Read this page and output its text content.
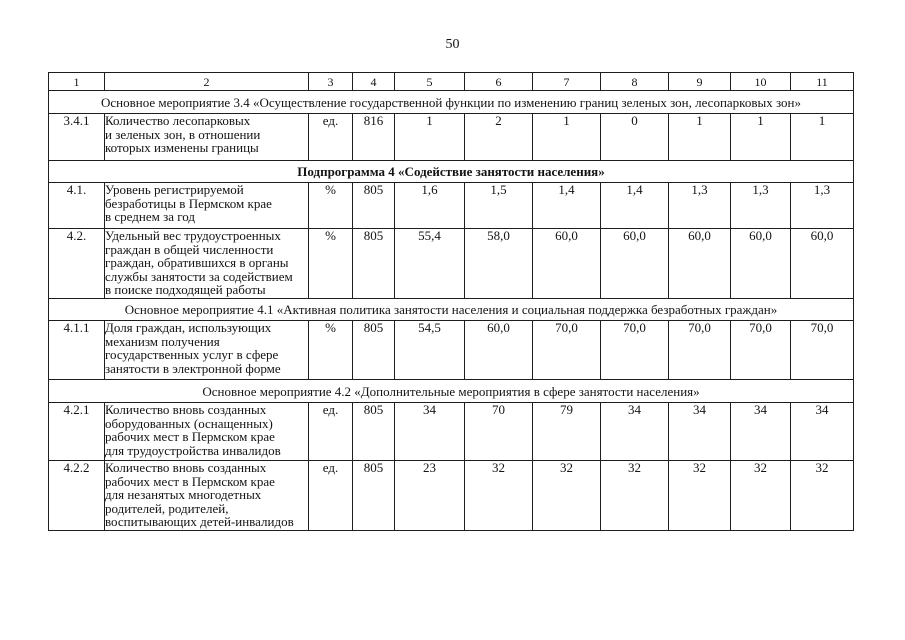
50
1	2	3	4	5	6	7	8	9	10	11
Основное мероприятие 3.4 «Осуществление государственной функции по изменению границ зеленых зон, лесопарковых зон»										
3.4.1	Количество лесопарковых
и зеленых зон, в отношении
которых изменены границы	ед.	816	1	2	1	0	1	1	1
Подпрограмма 4 «Содействие занятости населения»										
4.1.	Уровень регистрируемой
безработицы в Пермском крае
в среднем за год	%	805	1,6	1,5	1,4	1,4	1,3	1,3	1,3
4.2.	Удельный вес трудоустроенных
граждан в общей численности
граждан, обратившихся в органы
службы занятости за содействием
в поиске подходящей работы	%	805	55,4	58,0	60,0	60,0	60,0	60,0	60,0
Основное мероприятие 4.1 «Активная политика занятости населения и социальная поддержка безработных граждан»										
4.1.1	Доля граждан, использующих
механизм получения
государственных услуг в сфере
занятости в электронной форме	%	805	54,5	60,0	70,0	70,0	70,0	70,0	70,0
Основное мероприятие 4.2 «Дополнительные мероприятия в сфере занятости населения»										
4.2.1	Количество вновь созданных
оборудованных (оснащенных)
рабочих мест в Пермском крае
для трудоустройства инвалидов	ед.	805	34	70	79	34	34	34	34
4.2.2	Количество вновь созданных
рабочих мест в Пермском крае
для незанятых многодетных
родителей, родителей,
воспитывающих детей-инвалидов	ед.	805	23	32	32	32	32	32	32
